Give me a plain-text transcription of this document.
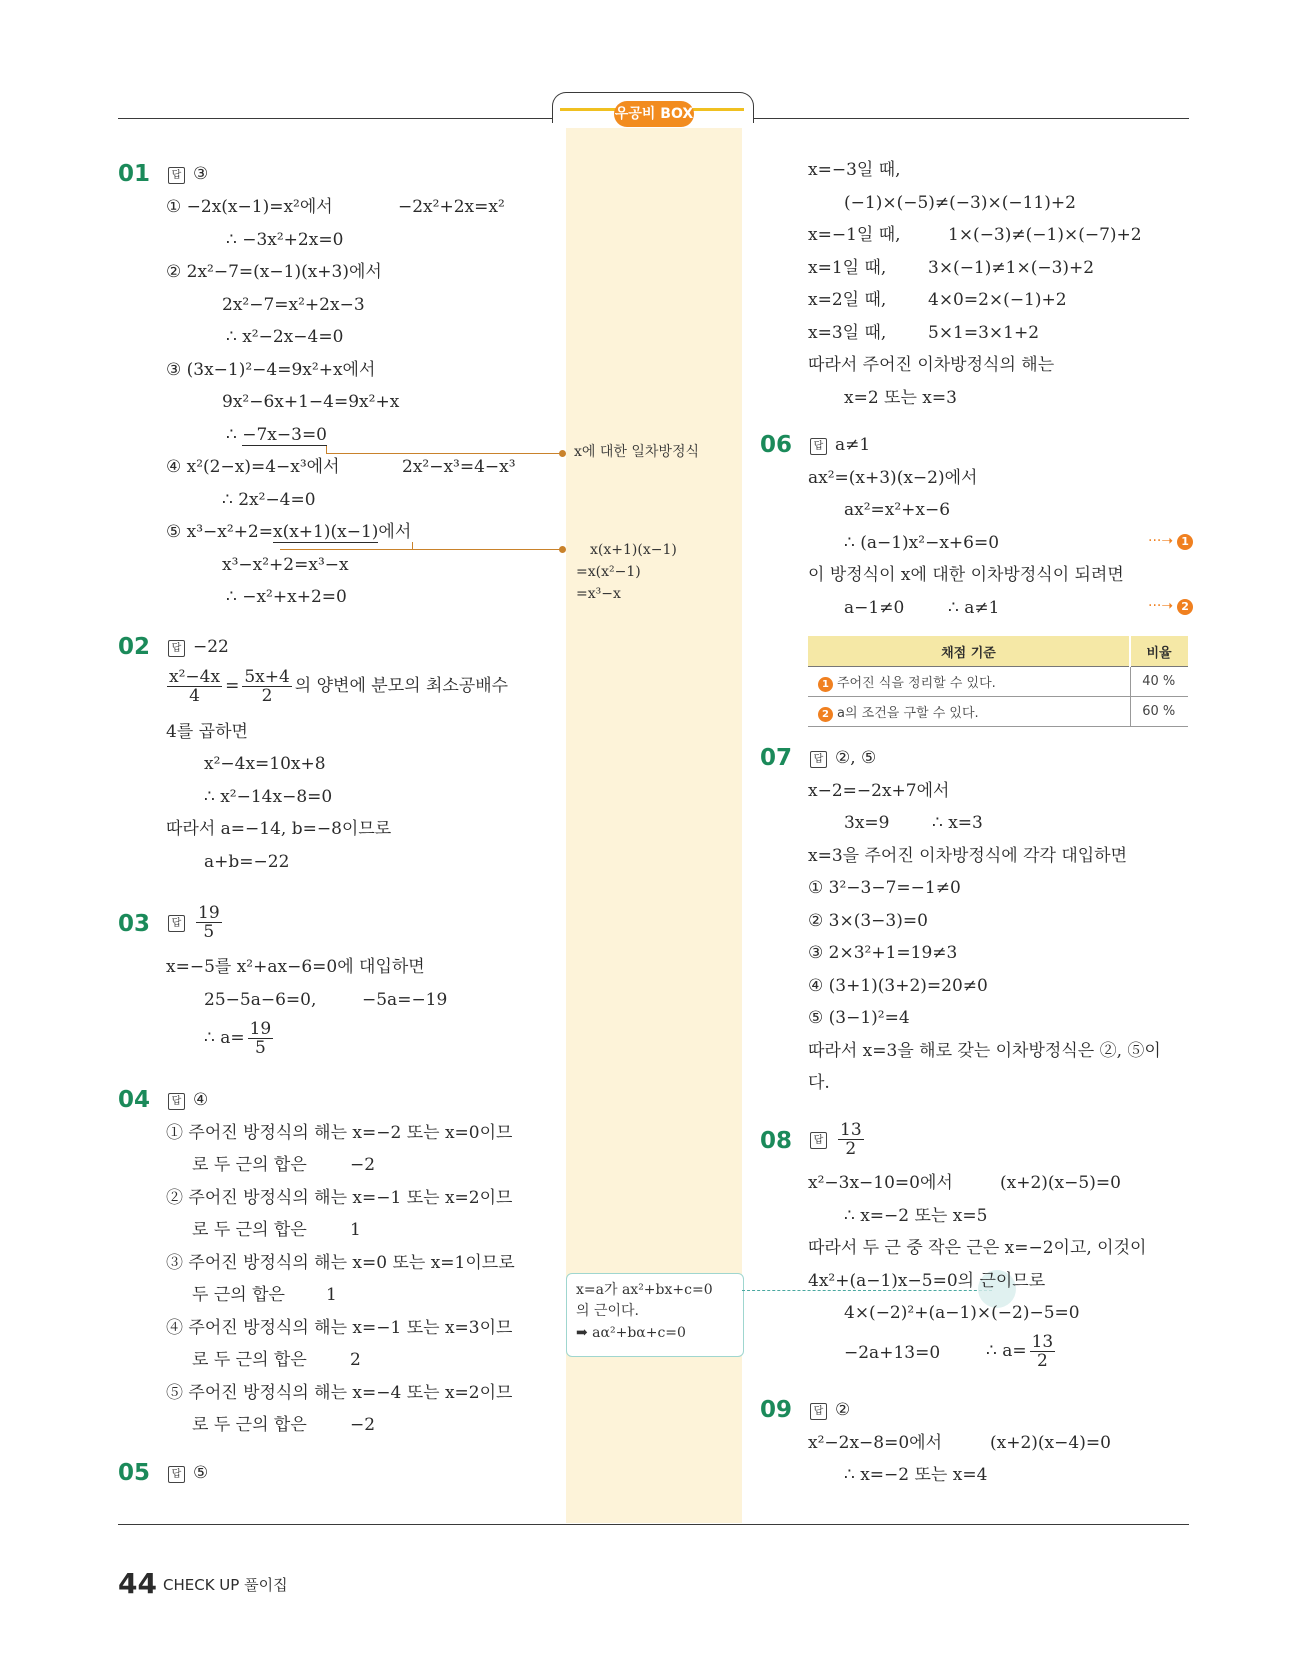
우공비 BOX
44 CHECK UP 풀이집
01	답 ③
① −2x(x−1)=x²에서	−2x²+2x=x²
∴ −3x²+2x=0
② 2x²−7=(x−1)(x+3)에서
2x²−7=x²+2x−3
∴ x²−2x−4=0
③ (3x−1)²−4=9x²+x에서
9x²−6x+1−4=9x²+x
∴ −7x−3=0
④ x²(2−x)=4−x³에서	2x²−x³=4−x³
∴ 2x²−4=0
⑤ x³−x²+2=x(x+1)(x−1)에서
x³−x²+2=x³−x
∴ −x²+x+2=0
x에 대한 일차방정식
x(x+1)(x−1)
=x(x²−1)
=x³−x
02	답 −22
$\frac{\text{x²−4x}}{4} = \frac{5x+4}{2}$ 의 양변에 분모의 최소공배수
4를 곱하면
x²−4x=10x+8
∴ x²−14x−8=0
따라서 a=−14, b=−8이므로
a+b=−22
03	답 $\frac{19}{5}$
x=−5를 x²+ax−6=0에 대입하면
25−5a−6=0,	−5a=−19
∴ $a= \frac{19}{5}$
04	답 ④
① 주어진 방정식의 해는 x=−2 또는 x=0이므
로 두 근의 합은	−2
② 주어진 방정식의 해는 x=−1 또는 x=2이므
로 두 근의 합은	1
③ 주어진 방정식의 해는 x=0 또는 x=1이므로
두 근의 합은 1
④ 주어진 방정식의 해는 x=−1 또는 x=3이므
로 두 근의 합은	2
⑤ 주어진 방정식의 해는 x=−4 또는 x=2이므
로 두 근의 합은	−2
05	답 ⑤
x=a가 ax²+bx+c=0
의 근이다.
➡ aα²+bα+c=0
x=−3일 때,
(−1)×(−5)≠(−3)×(−11)+2
x=−1일 때,	1×(−3)≠(−1)×(−7)+2
x=1일 때, 3×(−1)≠1×(−3)+2
x=2일 때, 4×0=2×(−1)+2
x=3일 때, 5×1=3×1+2
따라서 주어진 이차방정식의 해는
x=2 또는 x=3
06	답 a≠1
ax²=(x+3)(x−2)에서
ax²=x²+x−6
∴ (a−1)x²−x+6=0	···➝ 1
이 방정식이 x에 대한 이차방정식이 되려면
a−1≠0	∴ a≠1	···➝ 2
채점 기준	비율
1 주어진 식을 정리할 수 있다.	40 %
2 a의 조건을 구할 수 있다.	60 %
07	답 ②, ⑤
x−2=−2x+7에서
3x=9	∴ x=3
x=3을 주어진 이차방정식에 각각 대입하면
① 3²−3−7=−1≠0
② 3×(3−3)=0
③ 2×3²+1=19≠3
④ (3+1)(3+2)=20≠0
⑤ (3−1)²=4
따라서 x=3을 해로 갖는 이차방정식은 ②, ⑤이
다.
08	답 $\frac{13}{2}$
x²−3x−10=0에서	(x+2)(x−5)=0
∴ x=−2 또는 x=5
따라서 두 근 중 작은 근은 x=−2이고, 이것이
4x²+(a−1)x−5=0의 근이므로
4×(−2)²+(a−1)×(−2)−5=0
−2a+13=0	∴ $a= \frac{13}{2}$
09	답 ②
x²−2x−8=0에서	(x+2)(x−4)=0
∴ x=−2 또는 x=4
